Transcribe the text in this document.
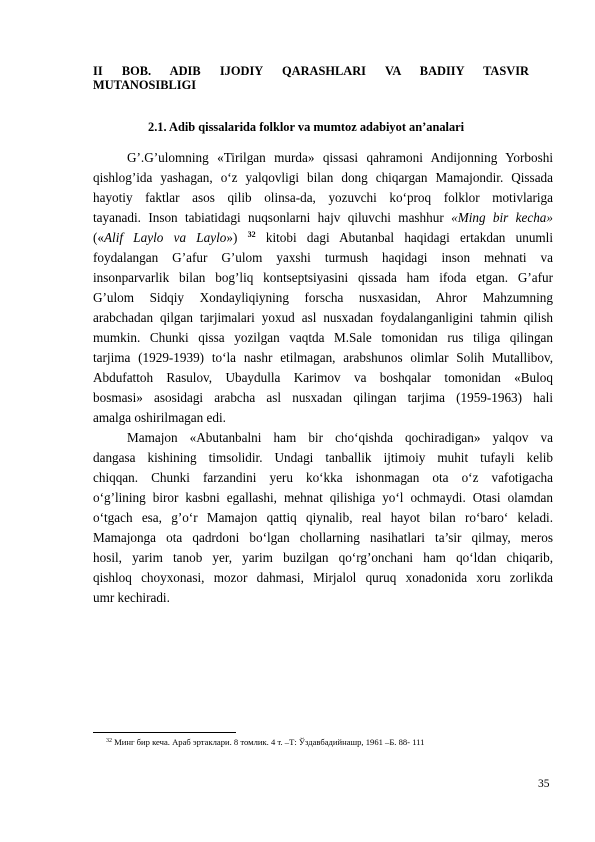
II BOB. ADIB IJODIY QARASHLARI VA BADIIY TASVIR
MUTANOSIBLIGI
2.1. Adib qissalarida folklor va mumtoz adabiyot an’analari
G’.G’ulomning «Tirilgan murda» qissasi qahramoni Andijonning Yorboshi
qishlog’ida yashagan, o‘z yalqovligi bilan dong chiqargan Mamajondir. Qissada
hayotiy faktlar asos qilib olinsa-da, yozuvchi ko‘proq folklor motivlariga
tayanadi. Inson tabiatidagi nuqsonlarni hajv qiluvchi mashhur «Ming bir kecha»
(«Alif Laylo va Laylo») $^{32}$ kitobi dagi Abutanbal haqidagi ertakdan unumli
foydalangan G’afur G’ulom yaxshi turmush haqidagi inson mehnati va
insonparvarlik bilan bog’liq kontseptsiyasini qissada ham ifoda etgan. G’afur
G’ulom Sidqiy Xondayliqiyning forscha nusxasidan, Ahror Mahzumning
arabchadan qilgan tarjimalari yoxud asl nusxadan foydalanganligini tahmin qilish
mumkin. Chunki qissa yozilgan vaqtda M.Sale tomonidan rus tiliga qilingan
tarjima (1929-1939) to‘la nashr etilmagan, arabshunos olimlar Solih Mutallibov,
Abdufattoh Rasulov, Ubaydulla Karimov va boshqalar tomonidan «Buloq
bosmasi» asosidagi arabcha asl nusxadan qilingan tarjima (1959-1963) hali
amalga oshirilmagan edi.
Mamajon «Abutanbalni ham bir cho‘qishda qochiradigan» yalqov va
dangasa kishining timsolidir. Undagi tanballik ijtimoiy muhit tufayli kelib
chiqqan. Chunki farzandini yeru ko‘kka ishonmagan ota o‘z vafotigacha
o‘g’lining biror kasbni egallashi, mehnat qilishiga yo‘l ochmaydi. Otasi olamdan
o‘tgach esa, g’o‘r Mamajon qattiq qiynalib, real hayot bilan ro‘baro‘ keladi.
Mamajonga ota qadrdoni bo‘lgan chollarning nasihatlari ta’sir qilmay, meros
hosil, yarim tanob yer, yarim buzilgan qo‘rg’onchani ham qo‘ldan chiqarib,
qishloq choyxonasi, mozor dahmasi, Mirjalol quruq xonadonida xoru zorlikda
umr kechiradi.
$^{32}$ Минг бир кеча. Араб эртаклари. 8 томлик. 4 т. –Т: Ўздавбадийнашр, 1961 –Б. 88- 111
35
